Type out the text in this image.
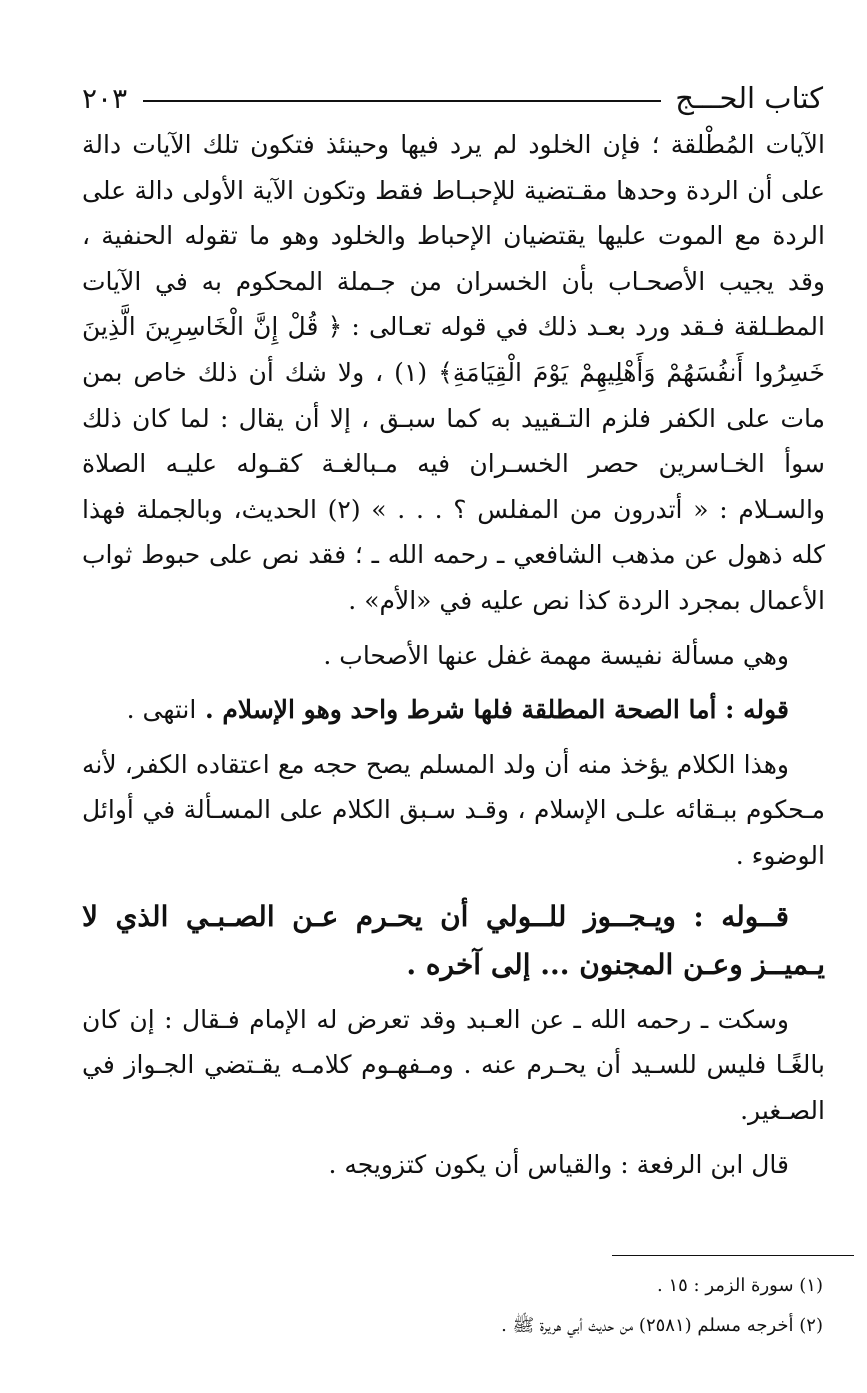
كتاب الحـــج
٢٠٣

الآيات المُطْلقة ؛ فإن الخلود لم يرد فيها وحينئذ فتكون تلك الآيات دالة على أن الردة وحدها مقـتضية للإحبـاط فقط وتكون الآية الأولى دالة على الردة مع الموت عليها يقتضيان الإحباط والخلود وهو ما تقوله الحنفية ، وقد يجيب الأصحـاب بأن الخسران من جـملة المحكوم به في الآيات المطـلقة فـقد ورد بعـد ذلك في قوله تعـالى : ﴿ قُلْ إِنَّ الْخَاسِرِينَ الَّذِينَ خَسِرُوا أَنفُسَهُمْ وَأَهْلِيهِمْ يَوْمَ الْقِيَامَةِ﴾ (١) ، ولا شك أن ذلك خاص بمن مات على الكفر فلزم التـقييد به كما سبـق ، إلا أن يقال : لما كان ذلك سوأ الخـاسرين حصر الخسـران فيه مـبالغـة كقـوله عليـه الصلاة والسـلام : « أتدرون من المفلس ؟ . . . » (٢) الحديث، وبالجملة فهذا كله ذهول عن مذهب الشافعي ـ رحمه الله ـ ؛ فقد نص على حبوط ثواب الأعمال بمجرد الردة كذا نص عليه في «الأم» .

وهي مسألة نفيسة مهمة غفل عنها الأصحاب .

قوله : أما الصحة المطلقة فلها شرط واحد وهو الإسلام . انتهى .

وهذا الكلام يؤخذ منه أن ولد المسلم يصح حجه مع اعتقاده الكفر، لأنه مـحكوم ببـقائه علـى الإسلام ، وقـد سـبق الكلام على المسـألة في أوائل الوضوء .

قــوله : ويـجــوز للــولي أن يحـرم عـن الصـبـي الذي لا يـميــز وعـن المجنون ... إلى آخره .

وسكت ـ رحمه الله ـ عن العـبد وقد تعرض له الإمام فـقال : إن كان بالغًـا فليس للسـيد أن يحـرم عنه . ومـفهـوم كلامـه يقـتضي الجـواز في الصـغير.

قال ابن الرفعة : والقياس أن يكون كتزويجه .

(١) سورة الزمر : ١٥ .

(٢) أخرجه مسلم (٢٥٨١) من حديث أبي هريرة ﷺ .
